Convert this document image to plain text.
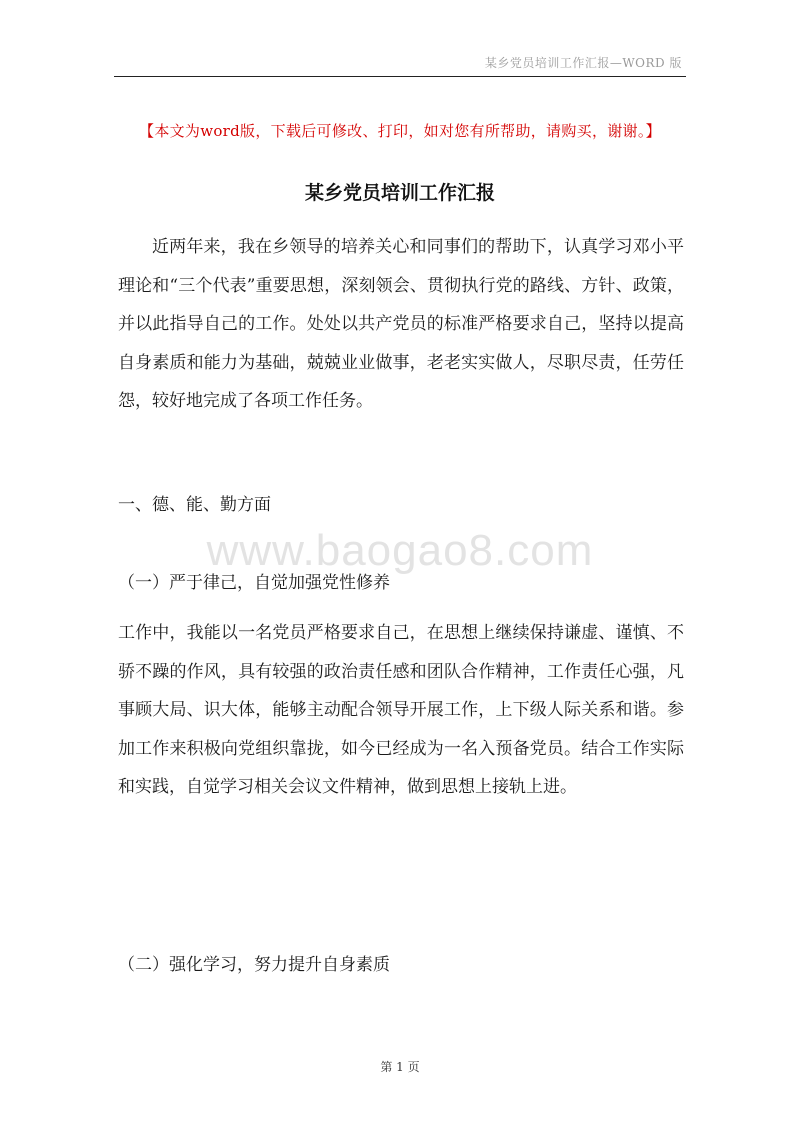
某乡党员培训工作汇报—WORD 版
【本文为word版，下载后可修改、打印，如对您有所帮助，请购买，谢谢。】
某乡党员培训工作汇报

近两年来，我在乡领导的培养关心和同事们的帮助下，认真学习邓小平理论和“三个代表”重要思想，深刻领会、贯彻执行党的路线、方针、政策，并以此指导自己的工作。处处以共产党员的标准严格要求自己，坚持以提高自身素质和能力为基础，兢兢业业做事，老老实实做人，尽职尽责，任劳任怨，较好地完成了各项工作任务。

一、德、能、勤方面

www.baogao8.com

（一）严于律己，自觉加强党性修养

工作中，我能以一名党员严格要求自己，在思想上继续保持谦虚、谨慎、不骄不躁的作风，具有较强的政治责任感和团队合作精神，工作责任心强，凡事顾大局、识大体，能够主动配合领导开展工作，上下级人际关系和谐。参加工作来积极向党组织靠拢，如今已经成为一名入预备党员。结合工作实际和实践，自觉学习相关会议文件精神，做到思想上接轨上进。

（二）强化学习，努力提升自身素质

第 1 页
